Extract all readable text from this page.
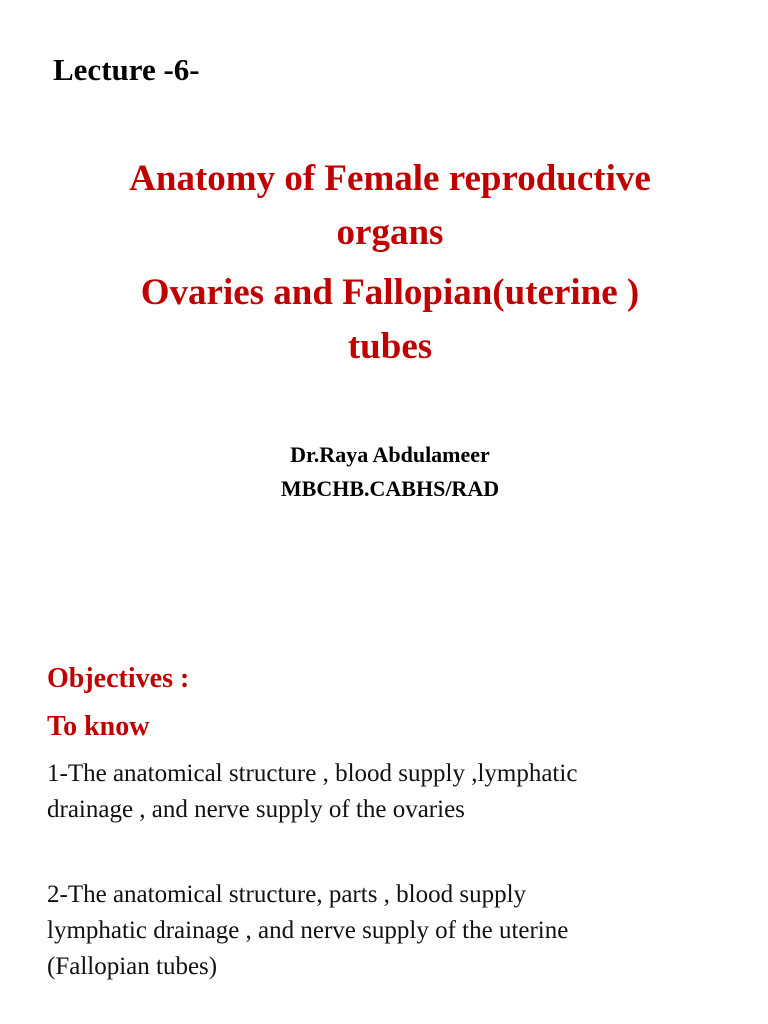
Lecture -6-
Anatomy of Female reproductive
organs
Ovaries and Fallopian(uterine )
tubes
Dr.Raya Abdulameer
MBCHB.CABHS/RAD
Objectives :
To know
1-The anatomical structure , blood supply ,lymphatic
drainage , and nerve supply of the ovaries
2-The anatomical structure, parts , blood supply
lymphatic drainage , and nerve supply of the uterine
(Fallopian tubes)
